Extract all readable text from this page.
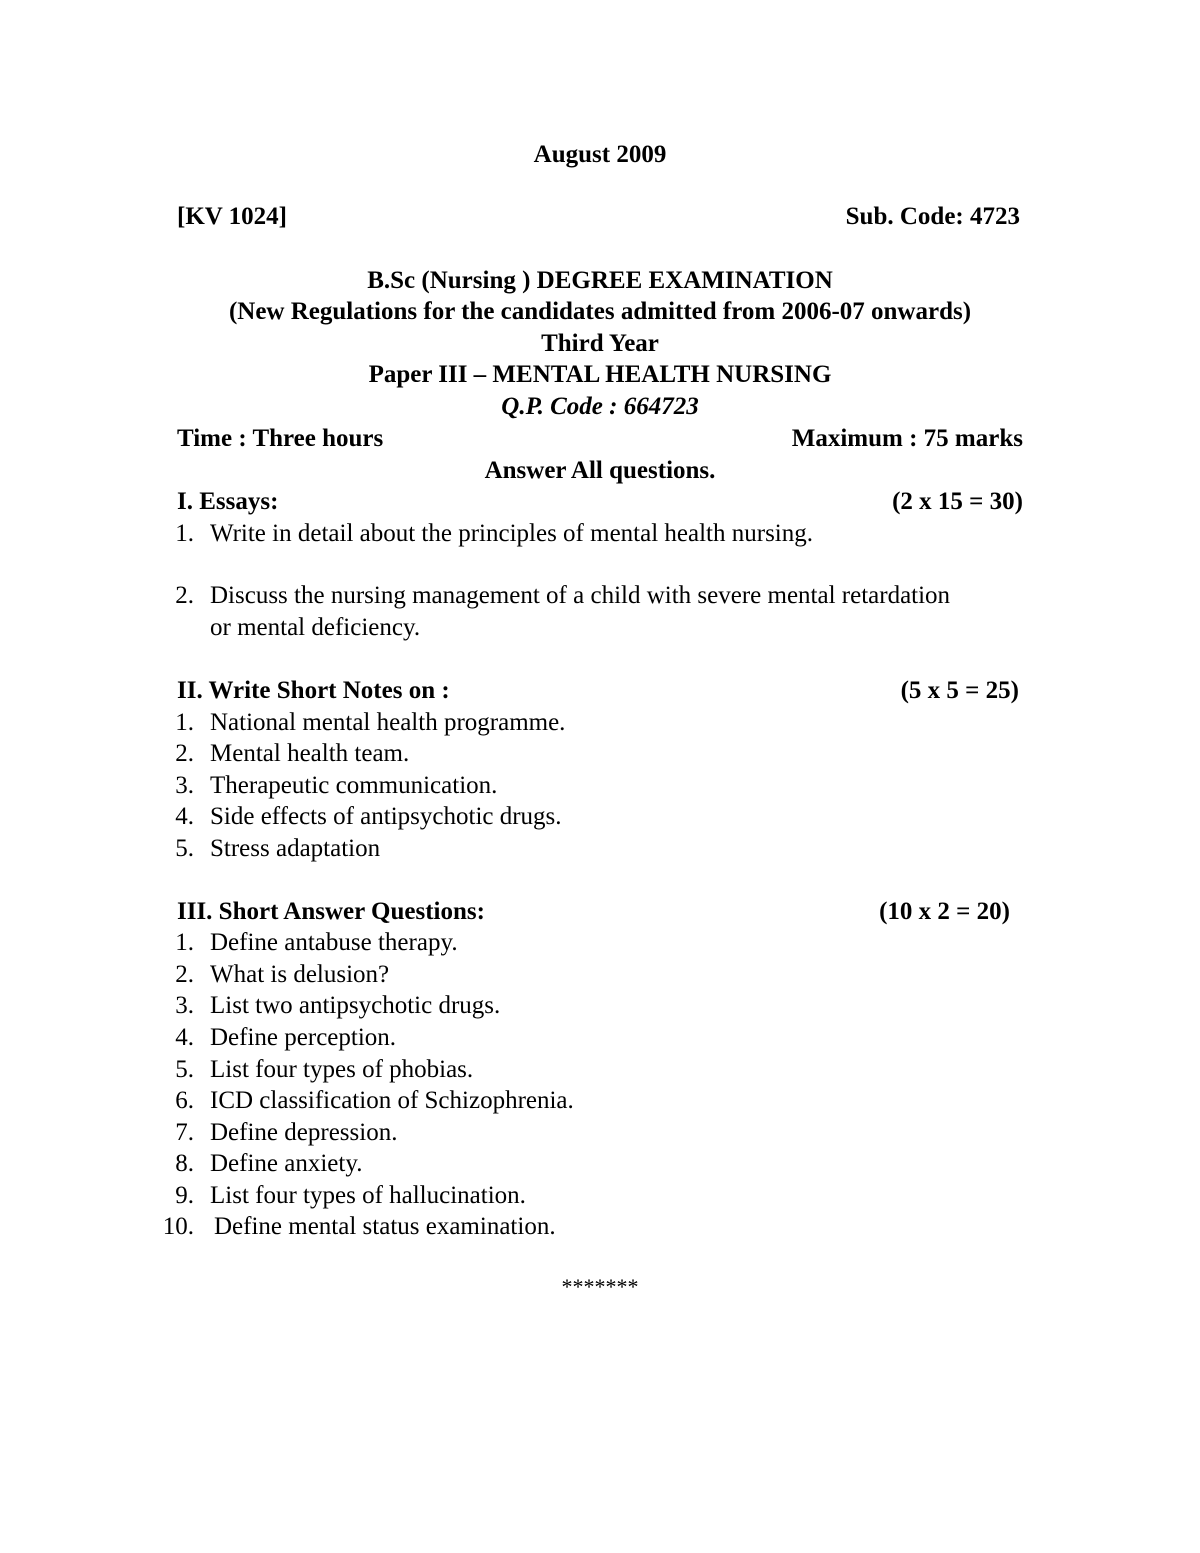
August 2009
[KV 1024]	Sub. Code: 4723
B.Sc (Nursing ) DEGREE EXAMINATION
(New Regulations for the candidates admitted from 2006-07 onwards)
Third Year
Paper III – MENTAL HEALTH NURSING
Q.P. Code : 664723
Time : Three hours	Maximum : 75 marks
Answer All questions.
I. Essays:	(2 x 15 = 30)
1. Write in detail about the principles of mental health nursing.
2. Discuss the nursing management of a child with severe mental retardation
or mental deficiency.
II. Write Short Notes on :	(5 x 5 = 25)
1. National mental health programme.
2. Mental health team.
3. Therapeutic communication.
4. Side effects of antipsychotic drugs.
5. Stress adaptation
III. Short Answer Questions:	(10 x 2 = 20)
1. Define antabuse therapy.
2. What is delusion?
3. List two antipsychotic drugs.
4. Define perception.
5. List four types of phobias.
6. ICD classification of Schizophrenia.
7. Define depression.
8. Define anxiety.
9. List four types of hallucination.
10. Define mental status examination.
*******
